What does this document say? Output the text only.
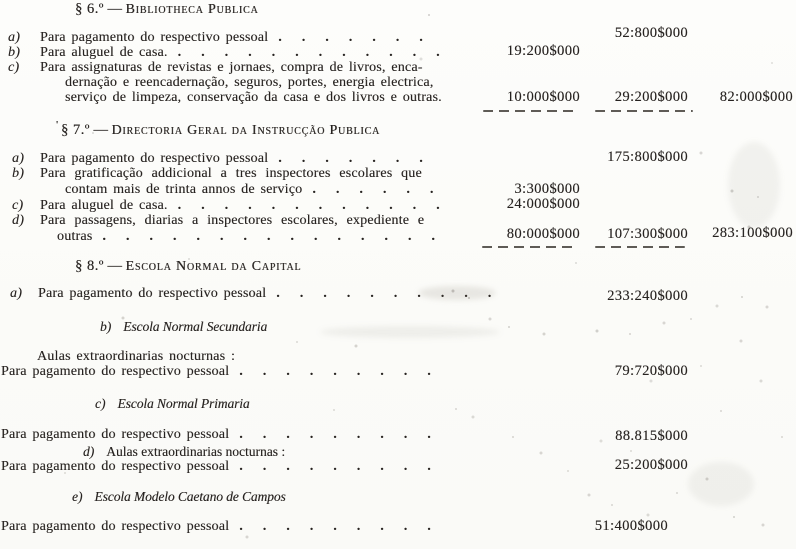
§ 6.º — Bibliotheca Publica
a) Para pagamento do respectivo pessoal .......	52:800$000
b) Para aluguel de casa. ............	19:200$000
c) Para assignaturas de revistas e jornaes, compra de livros, enca-
dernação e reencadernação, seguros, portes, energia electrica,
serviço de limpeza, conservação da casa e dos livros e outras.	10:000$000	29:200$000	82:000$000
' § 7.º — Directoria Geral da Instrucção Publica
a) Para pagamento do respectivo pessoal .......	175:800$000
b) Para gratificação addicional a tres inspectores escolares que
contam mais de trinta annos de serviço ......	3:300$000
c) Para aluguel de casa. ............	24:000$000
d) Para passagens, diarias a inspectores escolares, expediente e
outras ...............	80:000$000	107:300$000	283:100$000
§ 8.º — Escola Normal da Capital
a) Para pagamento do respectivo pessoal ..........	233:240$000
b) Escola Normal Secundaria
Aulas extraordinarias nocturnas :
Para pagamento do respectivo pessoal .........	79:720$000
c) Escola Normal Primaria
Para pagamento do respectivo pessoal .........	88.815$000
d) Aulas extraordinarias nocturnas :
Para pagamento do respectivo pessoal .........	25:200$000
e) Escola Modelo Caetano de Campos
Para pagamento do respectivo pessoal .........	51:400$000
